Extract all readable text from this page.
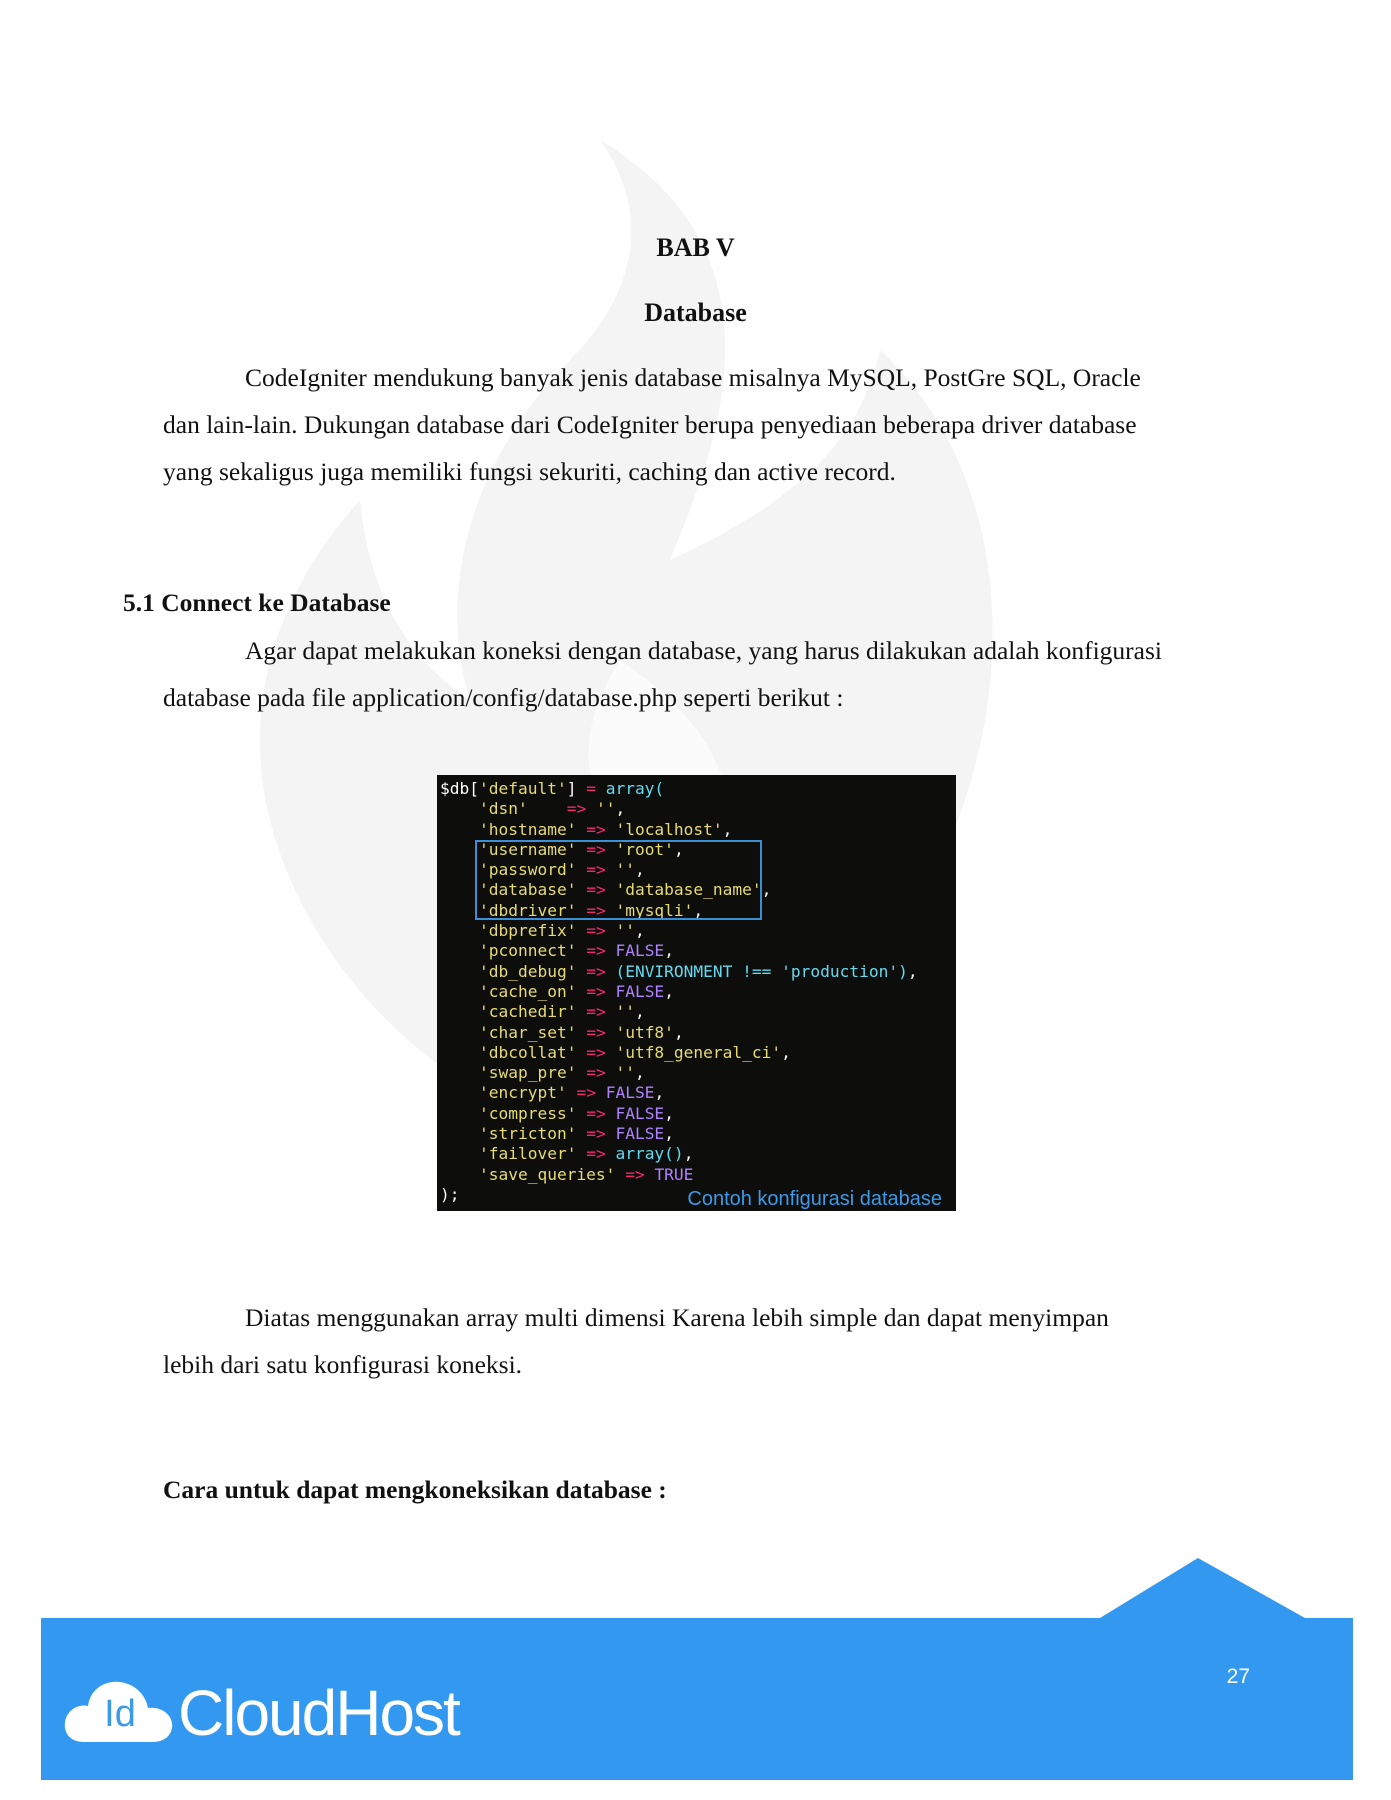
BAB V
Database

CodeIgniter mendukung banyak jenis database misalnya MySQL, PostGre SQL, Oracle

dan lain-lain. Dukungan database dari CodeIgniter berupa penyediaan beberapa driver database

yang sekaligus juga memiliki fungsi sekuriti, caching dan active record.

5.1 Connect ke Database

Agar dapat melakukan koneksi dengan database, yang harus dilakukan adalah konfigurasi

database pada file application/config/database.php seperti berikut :

$db['default'] = array(
'dsn' => '',
'hostname' => 'localhost',
'username' => 'root',
'password' => '',
'database' => 'database_name',
'dbdriver' => 'mysqli',
'dbprefix' => '',
'pconnect' => FALSE,
'db_debug' => (ENVIRONMENT !== 'production'),
'cache_on' => FALSE,
'cachedir' => '',
'char_set' => 'utf8',
'dbcollat' => 'utf8_general_ci',
'swap_pre' => '',
'encrypt' => FALSE,
'compress' => FALSE,
'stricton' => FALSE,
'failover' => array(),
'save_queries' => TRUE
);	Contoh konfigurasi database

Diatas menggunakan array multi dimensi Karena lebih simple dan dapat menyimpan

lebih dari satu konfigurasi koneksi.

Cara untuk dapat mengkoneksikan database :
27
Id CloudHost
